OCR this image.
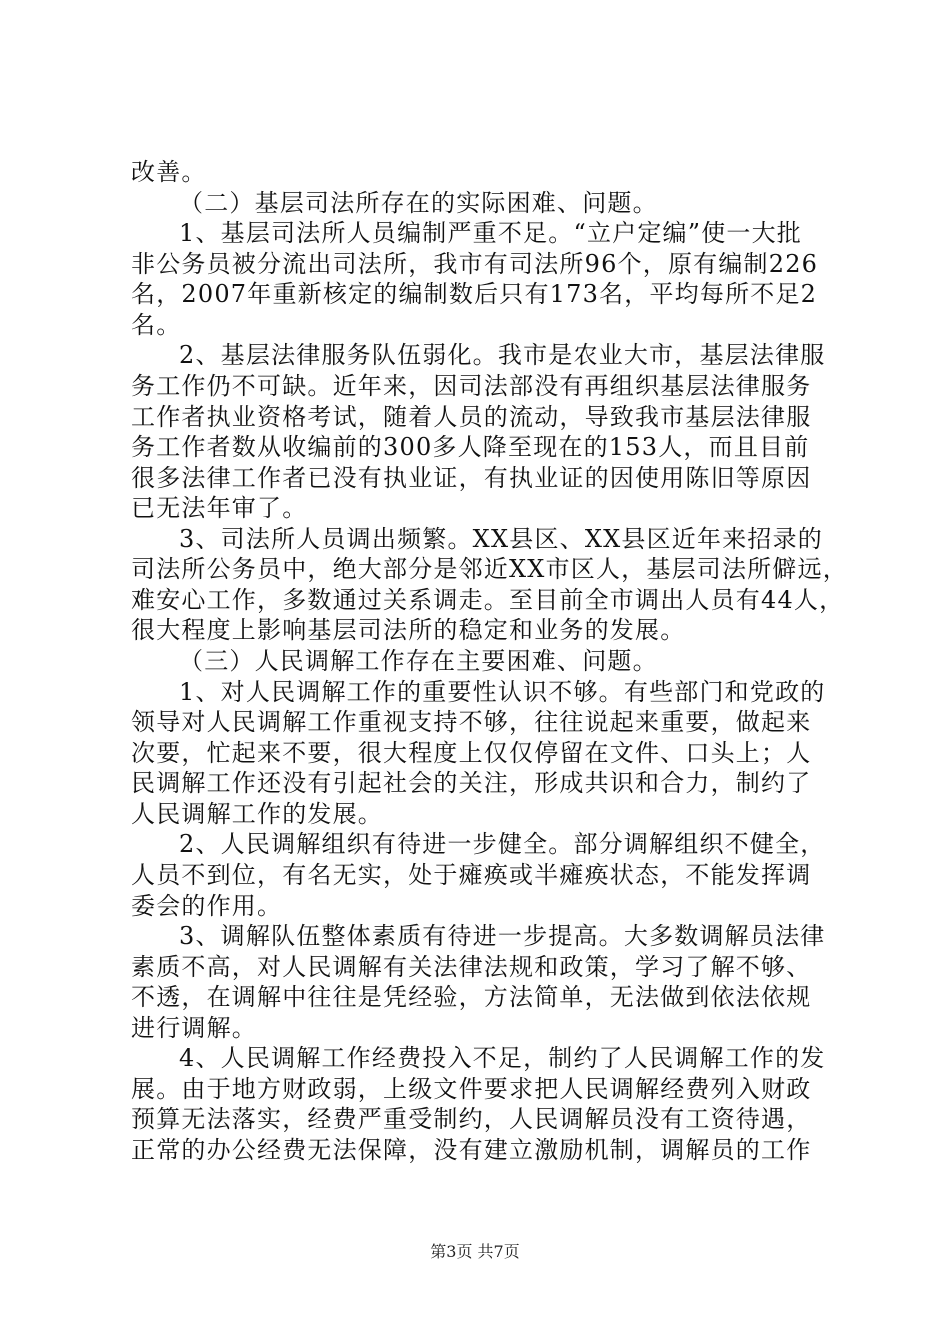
改善。
（二）基层司法所存在的实际困难、问题。
1、基层司法所人员编制严重不足。“立户定编”使一大批
非公务员被分流出司法所，我市有司法所96个，原有编制226
名，2007年重新核定的编制数后只有173名，平均每所不足2
名。
2、基层法律服务队伍弱化。我市是农业大市，基层法律服
务工作仍不可缺。近年来，因司法部没有再组织基层法律服务
工作者执业资格考试，随着人员的流动，导致我市基层法律服
务工作者数从收编前的300多人降至现在的153人，而且目前
很多法律工作者已没有执业证，有执业证的因使用陈旧等原因
已无法年审了。
3、司法所人员调出频繁。XX县区、XX县区近年来招录的
司法所公务员中，绝大部分是邻近XX市区人，基层司法所僻远，
难安心工作，多数通过关系调走。至目前全市调出人员有44人，
很大程度上影响基层司法所的稳定和业务的发展。
（三）人民调解工作存在主要困难、问题。
1、对人民调解工作的重要性认识不够。有些部门和党政的
领导对人民调解工作重视支持不够，往往说起来重要，做起来
次要，忙起来不要，很大程度上仅仅停留在文件、口头上；人
民调解工作还没有引起社会的关注，形成共识和合力，制约了
人民调解工作的发展。
2、人民调解组织有待进一步健全。部分调解组织不健全，
人员不到位，有名无实，处于瘫痪或半瘫痪状态，不能发挥调
委会的作用。
3、调解队伍整体素质有待进一步提高。大多数调解员法律
素质不高，对人民调解有关法律法规和政策，学习了解不够、
不透，在调解中往往是凭经验，方法简单，无法做到依法依规
进行调解。
4、人民调解工作经费投入不足，制约了人民调解工作的发
展。由于地方财政弱，上级文件要求把人民调解经费列入财政
预算无法落实，经费严重受制约，人民调解员没有工资待遇，
正常的办公经费无法保障，没有建立激励机制，调解员的工作
第3页 共7页
